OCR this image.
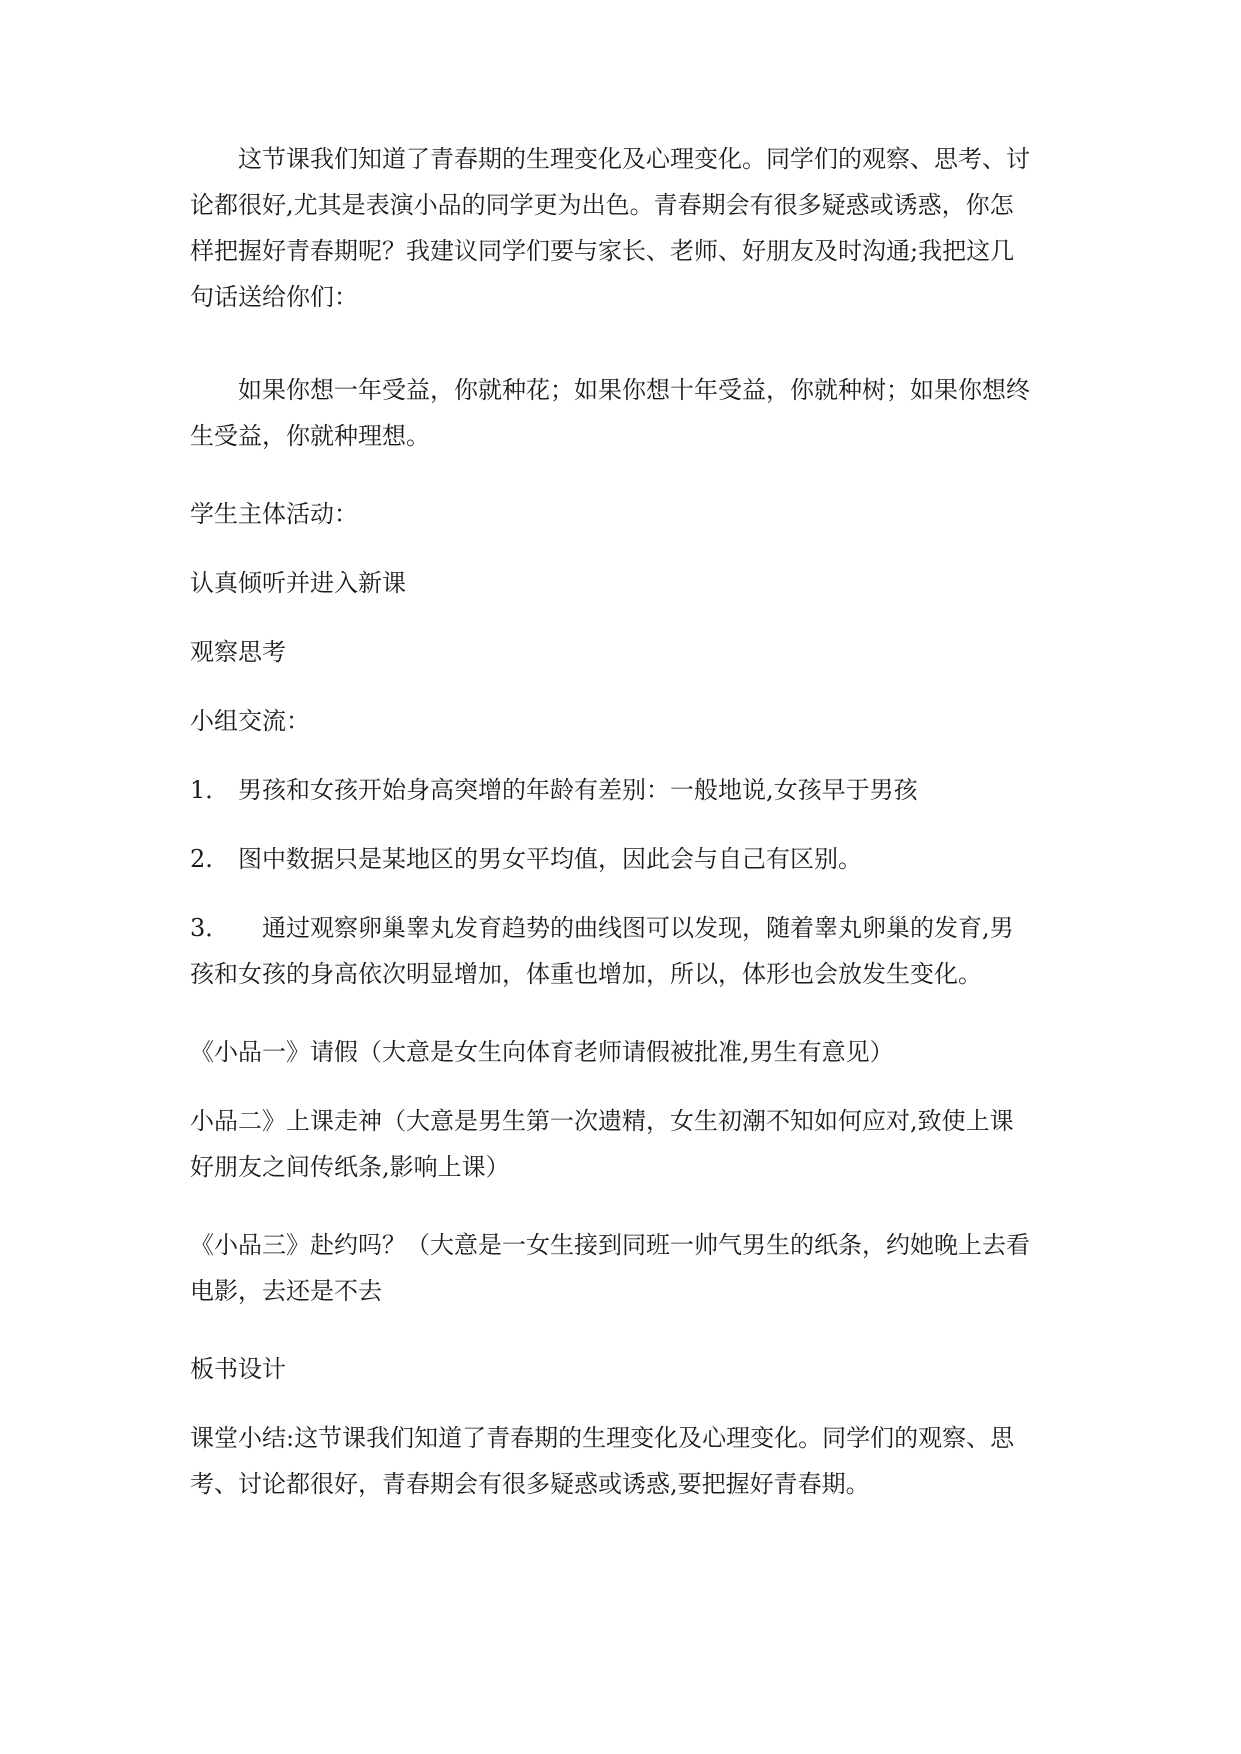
这节课我们知道了青春期的生理变化及心理变化。同学们的观察、思考、讨
论都很好,尤其是表演小品的同学更为出色。青春期会有很多疑惑或诱惑，你怎
样把握好青春期呢？我建议同学们要与家长、老师、好朋友及时沟通;我把这几
句话送给你们：
如果你想一年受益，你就种花；如果你想十年受益，你就种树；如果你想终
生受益，你就种理想。
学生主体活动：
认真倾听并进入新课
观察思考
小组交流：
1． 男孩和女孩开始身高突增的年龄有差别：一般地说,女孩早于男孩
2. 图中数据只是某地区的男女平均值，因此会与自己有区别。
3． 通过观察卵巢睾丸发育趋势的曲线图可以发现，随着睾丸卵巢的发育,男
孩和女孩的身高依次明显增加，体重也增加，所以，体形也会放发生变化。
《小品一》请假（大意是女生向体育老师请假被批准,男生有意见）
小品二》上课走神（大意是男生第一次遗精，女生初潮不知如何应对,致使上课
好朋友之间传纸条,影响上课）
《小品三》赴约吗？（大意是一女生接到同班一帅气男生的纸条，约她晚上去看
电影，去还是不去
板书设计
课堂小结:这节课我们知道了青春期的生理变化及心理变化。同学们的观察、思
考、讨论都很好，青春期会有很多疑惑或诱惑,要把握好青春期。
